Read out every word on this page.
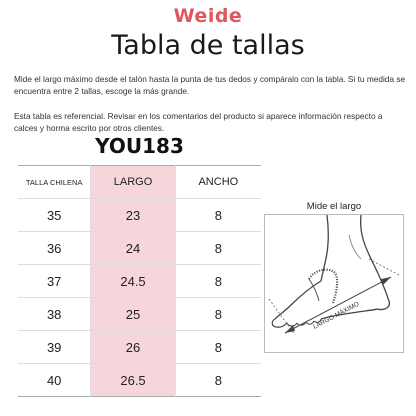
Weide
Tabla de tallas
Mide el largo máximo desde el talón hasta la punta de tus dedos y compáralo con la tabla. Si tu medida se encuentra entre 2 tallas, escoge la más grande.
Esta tabla es referencial. Revisar en los comentarios del producto si aparece información respecto a calces y horma escrito por otros clientes.
YOU183
TALLA CHILENA	LARGO	ANCHO
35	23	8
36	24	8
37	24.5	8
38	25	8
39	26	8
40	26.5	8
Mide el largo
LARGO MÁXIMO
